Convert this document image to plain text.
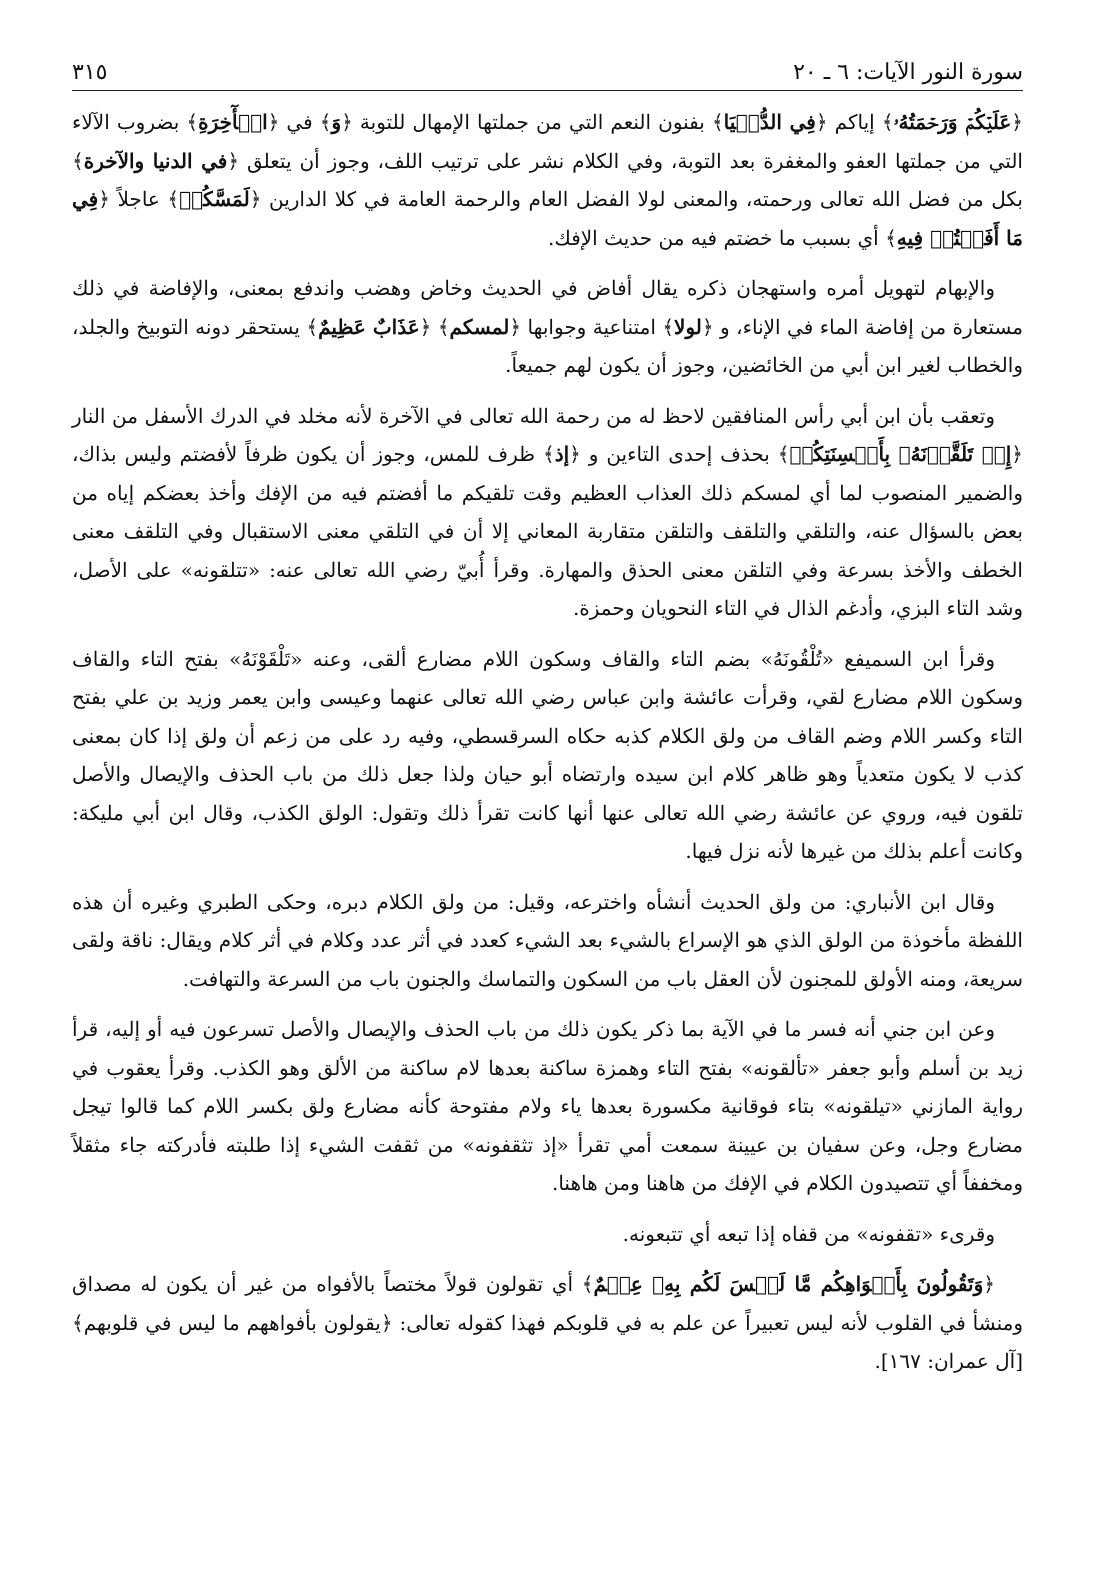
سورة النور الآيات: ٦ ـ ٢٠
٣١٥

﴿عَلَيۡكُمۡ وَرَحۡمَتُهُۥ﴾ إياكم ﴿فِي الدُّنۡيَا﴾ بفنون النعم التي من جملتها الإمهال للتوبة ﴿وَ﴾ في ﴿الۡأٓخِرَةِ﴾ بضروب الآلاء التي من جملتها العفو والمغفرة بعد التوبة، وفي الكلام نشر على ترتيب اللف، وجوز أن يتعلق ﴿في الدنيا والآخرة﴾ بكل من فضل الله تعالى ورحمته، والمعنى لولا الفضل العام والرحمة العامة في كلا الدارين ﴿لَمَسَّكُمۡ﴾ عاجلاً ﴿فِي مَا أَفَضۡتُمۡ فِيهِ﴾ أي بسبب ما خضتم فيه من حديث الإفك.

والإبهام لتهويل أمره واستهجان ذكره يقال أفاض في الحديث وخاض وهضب واندفع بمعنى، والإفاضة في ذلك مستعارة من إفاضة الماء في الإناء، و ﴿لولا﴾ امتناعية وجوابها ﴿لمسكم﴾ ﴿عَذَابٌ عَظِيمٌ﴾ يستحقر دونه التوبيخ والجلد، والخطاب لغير ابن أبي من الخائضين، وجوز أن يكون لهم جميعاً.

وتعقب بأن ابن أبي رأس المنافقين لاحظ له من رحمة الله تعالى في الآخرة لأنه مخلد في الدرك الأسفل من النار ﴿إِذۡ تَلَقَّوۡنَهُۥ بِأَلۡسِنَتِكُمۡ﴾ بحذف إحدى التاءين و ﴿إذ﴾ ظرف للمس، وجوز أن يكون ظرفاً لأفضتم وليس بذاك، والضمير المنصوب لما أي لمسكم ذلك العذاب العظيم وقت تلقيكم ما أفضتم فيه من الإفك وأخذ بعضكم إياه من بعض بالسؤال عنه، والتلقي والتلقف والتلقن متقاربة المعاني إلا أن في التلقي معنى الاستقبال وفي التلقف معنى الخطف والأخذ بسرعة وفي التلقن معنى الحذق والمهارة. وقرأ أُبيّ رضي الله تعالى عنه: «تتلقونه» على الأصل، وشد التاء البزي، وأدغم الذال في التاء النحويان وحمزة.

وقرأ ابن السميفع «تُلْقُونَهُ» بضم التاء والقاف وسكون اللام مضارع ألقى، وعنه «تَلْقَوْنَهُ» بفتح التاء والقاف وسكون اللام مضارع لقي، وقرأت عائشة وابن عباس رضي الله تعالى عنهما وعيسى وابن يعمر وزيد بن علي بفتح التاء وكسر اللام وضم القاف من ولق الكلام كذبه حكاه السرقسطي، وفيه رد على من زعم أن ولق إذا كان بمعنى كذب لا يكون متعدياً وهو ظاهر كلام ابن سيده وارتضاه أبو حيان ولذا جعل ذلك من باب الحذف والإيصال والأصل تلقون فيه، وروي عن عائشة رضي الله تعالى عنها أنها كانت تقرأ ذلك وتقول: الولق الكذب، وقال ابن أبي مليكة: وكانت أعلم بذلك من غيرها لأنه نزل فيها.

وقال ابن الأنباري: من ولق الحديث أنشأه واخترعه، وقيل: من ولق الكلام دبره، وحكى الطبري وغيره أن هذه اللفظة مأخوذة من الولق الذي هو الإسراع بالشيء بعد الشيء كعدد في أثر عدد وكلام في أثر كلام ويقال: ناقة ولقى سريعة، ومنه الأولق للمجنون لأن العقل باب من السكون والتماسك والجنون باب من السرعة والتهافت.

وعن ابن جني أنه فسر ما في الآية بما ذكر يكون ذلك من باب الحذف والإيصال والأصل تسرعون فيه أو إليه، قرأ زيد بن أسلم وأبو جعفر «تألقونه» بفتح التاء وهمزة ساكنة بعدها لام ساكنة من الألق وهو الكذب. وقرأ يعقوب في رواية المازني «تيلقونه» بتاء فوقانية مكسورة بعدها ياء ولام مفتوحة كأنه مضارع ولق بكسر اللام كما قالوا تيجل مضارع وجل، وعن سفيان بن عيينة سمعت أمي تقرأ «إذ تثقفونه» من ثقفت الشيء إذا طلبته فأدركته جاء مثقلاً ومخففاً أي تتصيدون الكلام في الإفك من هاهنا ومن هاهنا.

وقرىء «تقفونه» من قفاه إذا تبعه أي تتبعونه.

﴿وَتَقُولُونَ بِأَفۡوَاهِكُم مَّا لَيۡسَ لَكُم بِهِۦ عِلۡمٌ﴾ أي تقولون قولاً مختصاً بالأفواه من غير أن يكون له مصداق ومنشأ في القلوب لأنه ليس تعبيراً عن علم به في قلوبكم فهذا كقوله تعالى: ﴿يقولون بأفواههم ما ليس في قلوبهم﴾ [آل عمران: ١٦٧].
